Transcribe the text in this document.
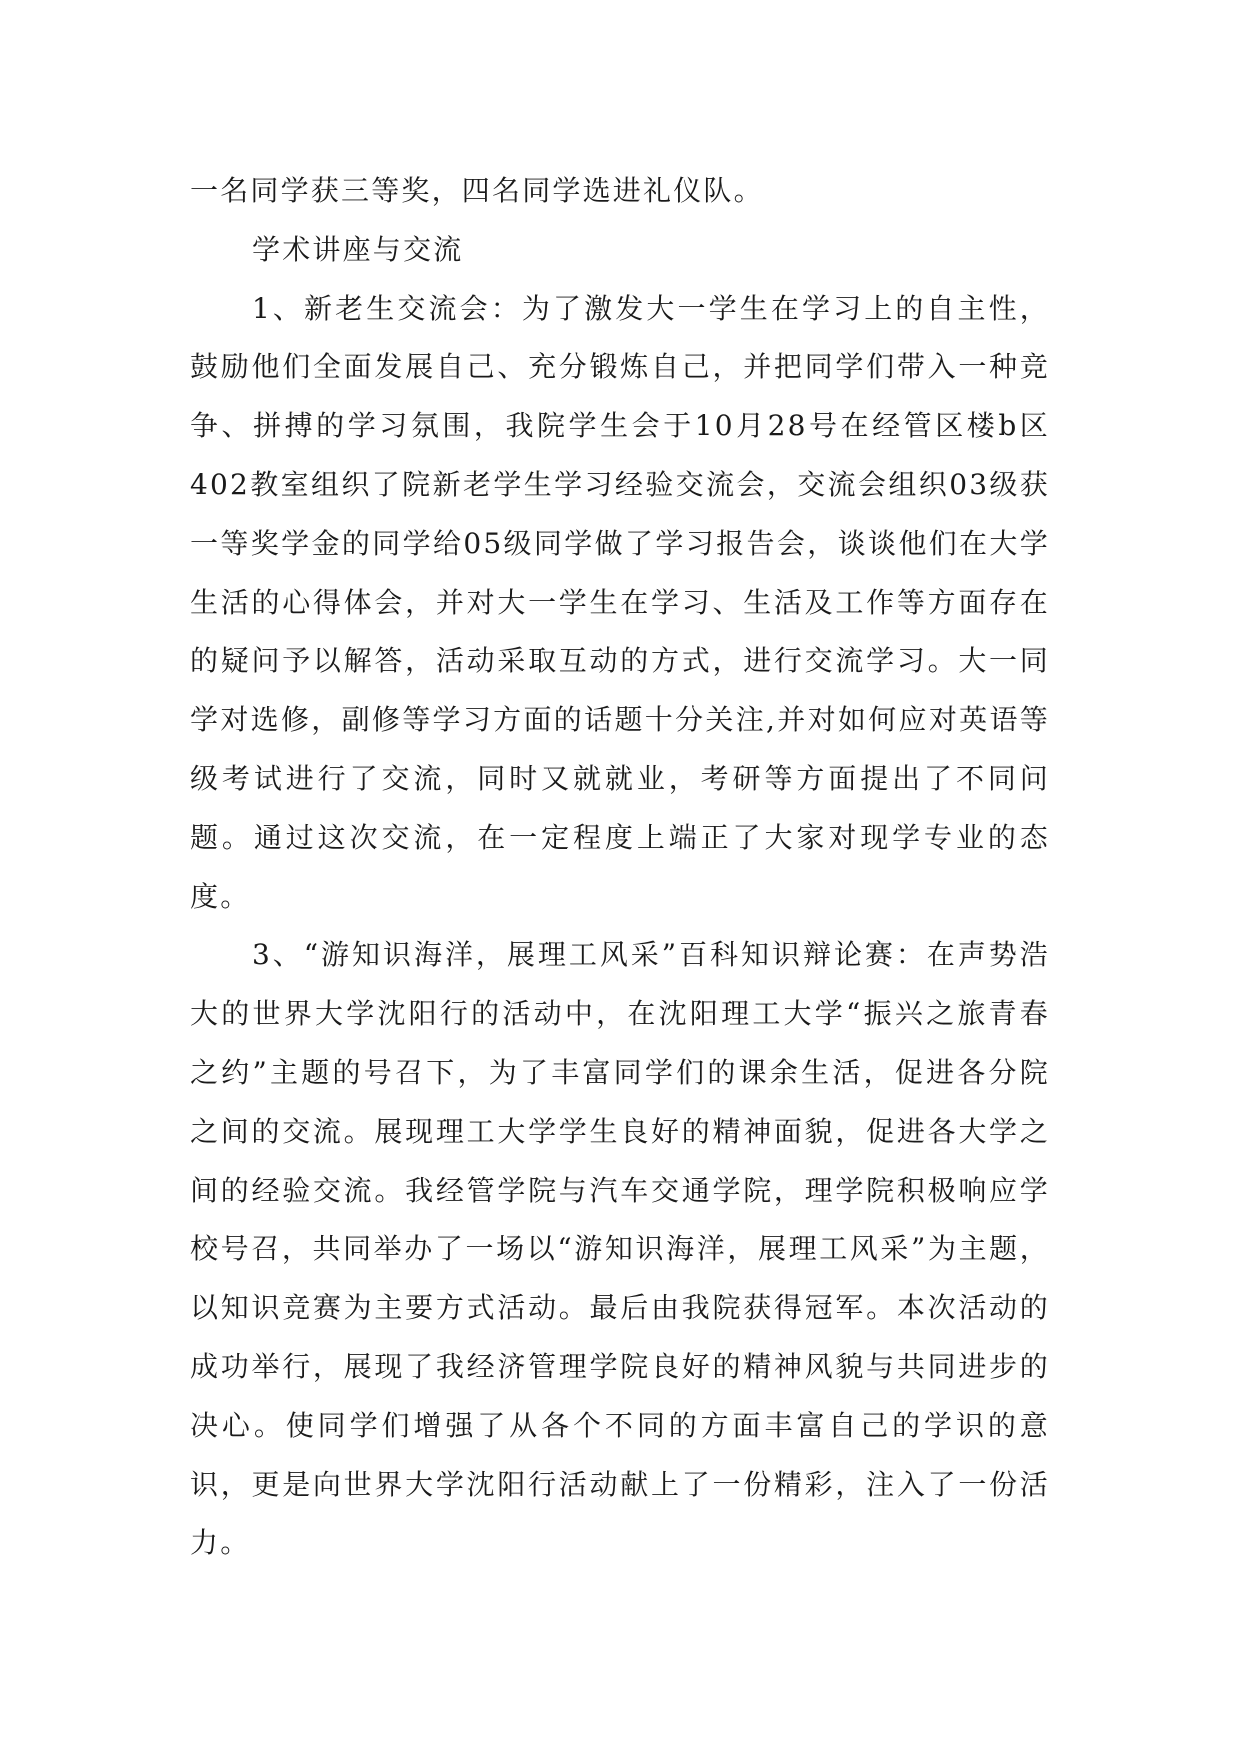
一名同学获三等奖，四名同学选进礼仪队。

学术讲座与交流

1、新老生交流会：为了激发大一学生在学习上的自主性，鼓励他们全面发展自己、充分锻炼自己，并把同学们带入一种竞争、拼搏的学习氛围，我院学生会于10月28号在经管区楼b区402教室组织了院新老学生学习经验交流会，交流会组织03级获一等奖学金的同学给05级同学做了学习报告会，谈谈他们在大学生活的心得体会，并对大一学生在学习、生活及工作等方面存在的疑问予以解答，活动采取互动的方式，进行交流学习。大一同学对选修，副修等学习方面的话题十分关注,并对如何应对英语等级考试进行了交流，同时又就就业，考研等方面提出了不同问题。通过这次交流，在一定程度上端正了大家对现学专业的态度。

3、“游知识海洋，展理工风采”百科知识辩论赛：在声势浩大的世界大学沈阳行的活动中，在沈阳理工大学“振兴之旅青春之约”主题的号召下，为了丰富同学们的课余生活，促进各分院之间的交流。展现理工大学学生良好的精神面貌，促进各大学之间的经验交流。我经管学院与汽车交通学院，理学院积极响应学校号召，共同举办了一场以“游知识海洋，展理工风采”为主题，以知识竞赛为主要方式活动。最后由我院获得冠军。本次活动的成功举行，展现了我经济管理学院良好的精神风貌与共同进步的决心。使同学们增强了从各个不同的方面丰富自己的学识的意识，更是向世界大学沈阳行活动献上了一份精彩，注入了一份活力。
